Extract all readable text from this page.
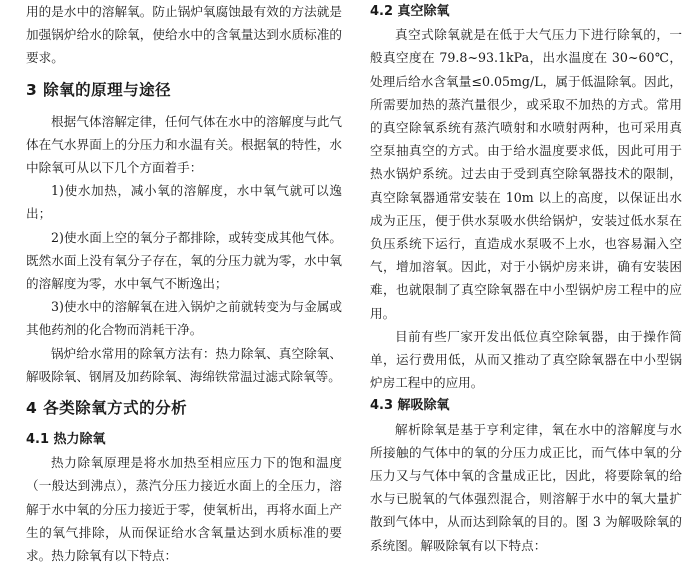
用的是水中的溶解氧。防止锅炉氧腐蚀最有效的方法就是加强锅炉给水的除氧，使给水中的含氧量达到水质标准的要求。

3 除氧的原理与途径

根据气体溶解定律，任何气体在水中的溶解度与此气体在气水界面上的分压力和水温有关。根据氧的特性，水中除氧可从以下几个方面着手：

1)使水加热，减小氧的溶解度，水中氧气就可以逸出；

2)使水面上空的氧分子都排除，或转变成其他气体。既然水面上没有氧分子存在，氧的分压力就为零，水中氧的溶解度为零，水中氧气不断逸出；

3)使水中的溶解氧在进入锅炉之前就转变为与金属或其他药剂的化合物而消耗干净。

锅炉给水常用的除氧方法有：热力除氧、真空除氧、解吸除氧、钢屑及加药除氧、海绵铁常温过滤式除氧等。

4 各类除氧方式的分析
4.1 热力除氧

热力除氧原理是将水加热至相应压力下的饱和温度（一般达到沸点），蒸汽分压力接近水面上的全压力，溶解于水中氧的分压力接近于零，使氧析出，再将水面上产生的氧气排除，从而保证给水含氧量达到水质标准的要求。热力除氧有以下特点：

4.2 真空除氧

真空式除氧就是在低于大气压力下进行除氧的，一般真空度在 79.8~93.1kPa，出水温度在 30~60℃，处理后给水含氧量≤0.05mg/L，属于低温除氧。因此，所需要加热的蒸汽量很少，或采取不加热的方式。常用的真空除氧系统有蒸汽喷射和水喷射两种，也可采用真空泵抽真空的方式。由于给水温度要求低，因此可用于热水锅炉系统。过去由于受到真空除氧器技术的限制，真空除氧器通常安装在 10m 以上的高度，以保证出水成为正压，便于供水泵吸水供给锅炉，安装过低水泵在负压系统下运行，直造成水泵吸不上水，也容易漏入空气，增加溶氧。因此，对于小锅炉房来讲，确有安装困难，也就限制了真空除氧器在中小型锅炉房工程中的应用。

目前有些厂家开发出低位真空除氧器，由于操作简单，运行费用低，从而又推动了真空除氧器在中小型锅炉房工程中的应用。

4.3 解吸除氧

解析除氧是基于亨利定律，氧在水中的溶解度与水所接触的气体中的氧的分压力成正比，而气体中氧的分压力又与气体中氧的含量成正比，因此，将要除氧的给水与已脱氧的气体强烈混合，则溶解于水中的氧大量扩散到气体中，从而达到除氧的目的。图 3 为解吸除氧的系统图。解吸除氧有以下特点：
